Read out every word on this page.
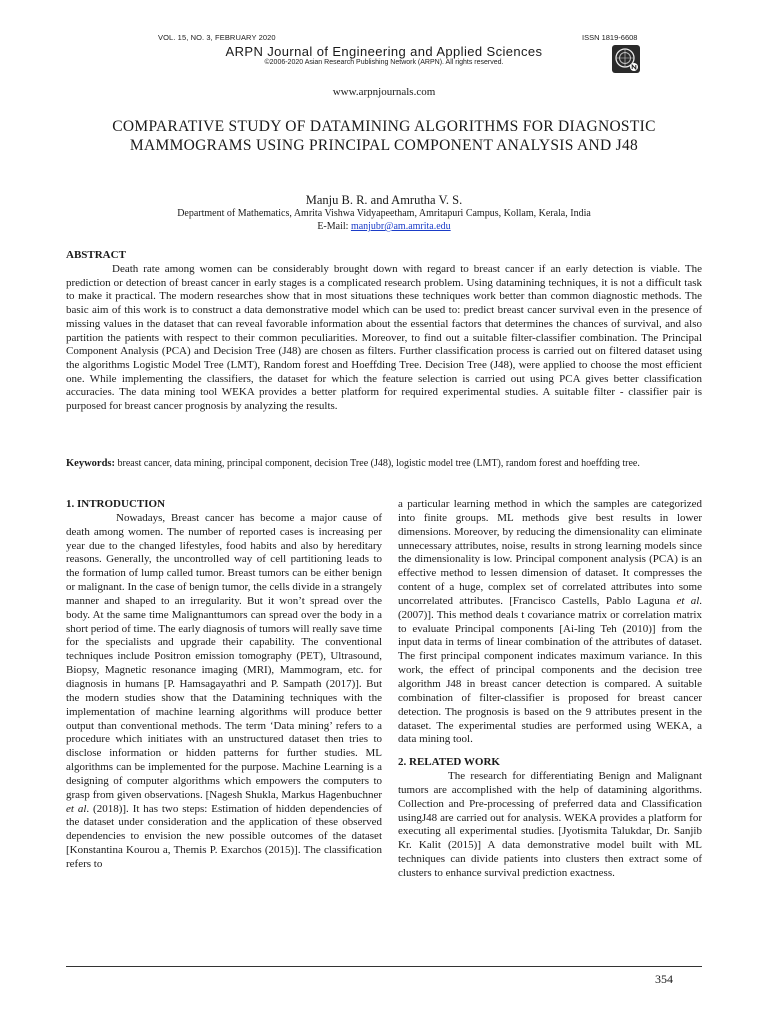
VOL. 15, NO. 3, FEBRUARY 2020	ISSN 1819-6608
ARPN Journal of Engineering and Applied Sciences
©2006-2020 Asian Research Publishing Network (ARPN). All rights reserved.
www.arpnjournals.com
COMPARATIVE STUDY OF DATAMINING ALGORITHMS FOR DIAGNOSTIC MAMMOGRAMS USING PRINCIPAL COMPONENT ANALYSIS AND J48
Manju B. R. and Amrutha V. S.
Department of Mathematics, Amrita Vishwa Vidyapeetham, Amritapuri Campus, Kollam, Kerala, India
E-Mail: manjubr@am.amrita.edu
ABSTRACT

Death rate among women can be considerably brought down with regard to breast cancer if an early detection is viable. The prediction or detection of breast cancer in early stages is a complicated research problem. Using datamining techniques, it is not a difficult task to make it practical. The modern researches show that in most situations these techniques work better than common diagnostic methods. The basic aim of this work is to construct a data demonstrative model which can be used to: predict breast cancer survival even in the presence of missing values in the dataset that can reveal favorable information about the essential factors that determines the chances of survival, and also partition the patients with respect to their common peculiarities. Moreover, to find out a suitable filter-classifier combination. The Principal Component Analysis (PCA) and Decision Tree (J48) are chosen as filters. Further classification process is carried out on filtered dataset using the algorithms Logistic Model Tree (LMT), Random forest and Hoeffding Tree. Decision Tree (J48), were applied to choose the most efficient one. While implementing the classifiers, the dataset for which the feature selection is carried out using PCA gives better classification accuracies. The data mining tool WEKA provides a better platform for required experimental studies. A suitable filter - classifier pair is purposed for breast cancer prognosis by analyzing the results.

Keywords: breast cancer, data mining, principal component, decision Tree (J48), logistic model tree (LMT), random forest and hoeffding tree.

1. INTRODUCTION
Nowadays, Breast cancer has become a major cause of death among women. The number of reported cases is increasing per year due to the changed lifestyles, food habits and also by hereditary reasons. Generally, the uncontrolled way of cell partitioning leads to the formation of lump called tumor. Breast tumors can be either benign or malignant. In the case of benign tumor, the cells divide in a strangely manner and shaped to an irregularity. But it won’t spread over the body. At the same time Malignanttumors can spread over the body in a short period of time. The early diagnosis of tumors will really save time for the specialists and upgrade their capability. The conventional techniques include Positron emission tomography (PET), Ultrasound, Biopsy, Magnetic resonance imaging (MRI), Mammogram, etc. for diagnosis in humans [P. Hamsagayathri and P. Sampath (2017)]. But the modern studies show that the Datamining techniques with the implementation of machine learning algorithms will produce better output than conventional methods. The term ‘Data mining’ refers to a procedure which initiates with an unstructured dataset then tries to disclose information or hidden patterns for further studies. ML algorithms can be implemented for the purpose. Machine Learning is a designing of computer algorithms which empowers the computers to grasp from given observations. [Nagesh Shukla, Markus Hagenbuchner et al. (2018)]. It has two steps: Estimation of hidden dependencies of the dataset under consideration and the application of these observed dependencies to envision the new possible outcomes of the dataset [Konstantina Kourou a, Themis P. Exarchos (2015)]. The classification refers to
a particular learning method in which the samples are categorized into finite groups. ML methods give best results in lower dimensions. Moreover, by reducing the dimensionality can eliminate unnecessary attributes, noise, results in strong learning models since the dimensionality is low. Principal component analysis (PCA) is an effective method to lessen dimension of dataset. It compresses the content of a huge, complex set of correlated attributes into some uncorrelated attributes. [Francisco Castells, Pablo Laguna et al. (2007)]. This method deals t covariance matrix or correlation matrix to evaluate Principal components [Ai-ling Teh (2010)] from the input data in terms of linear combination of the attributes of dataset. The first principal component indicates maximum variance. In this work, the effect of principal components and the decision tree algorithm J48 in breast cancer detection is compared. A suitable combination of filter-classifier is proposed for breast cancer detection. The prognosis is based on the 9 attributes present in the dataset. The experimental studies are performed using WEKA, a data mining tool.
2. RELATED WORK
The research for differentiating Benign and Malignant tumors are accomplished with the help of datamining algorithms. Collection and Pre-processing of preferred data and Classification usingJ48 are carried out for analysis. WEKA provides a platform for executing all experimental studies. [Jyotismita Talukdar, Dr. Sanjib Kr. Kalit (2015)] A data demonstrative model built with ML techniques can divide patients into clusters then extract some of clusters to enhance survival prediction exactness.
354
